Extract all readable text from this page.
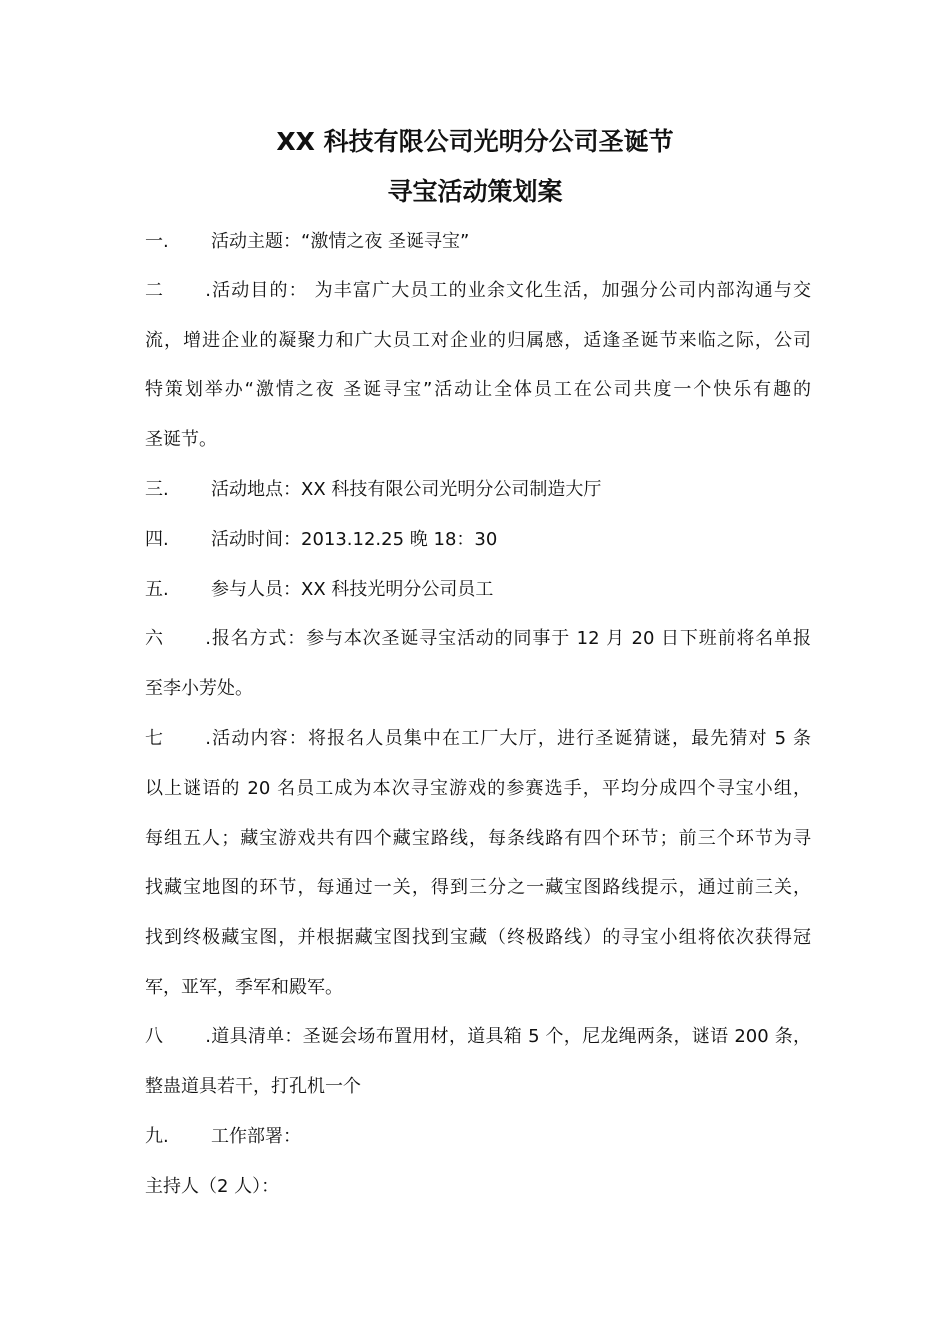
XX 科技有限公司光明分公司圣诞节
寻宝活动策划案
一. 活动主题：“激情之夜 圣诞寻宝”
二.活动目的： 为丰富广大员工的业余文化生活，加强分公司内部沟通与交
流，增进企业的凝聚力和广大员工对企业的归属感，适逢圣诞节来临之际，公司
特策划举办“激情之夜 圣诞寻宝”活动让全体员工在公司共度一个快乐有趣的
圣诞节。
三. 活动地点：XX 科技有限公司光明分公司制造大厅
四. 活动时间：2013.12.25 晚 18：30
五. 参与人员：XX 科技光明分公司员工
六.报名方式：参与本次圣诞寻宝活动的同事于 12 月 20 日下班前将名单报
至李小芳处。
七.活动内容：将报名人员集中在工厂大厅，进行圣诞猜谜，最先猜对 5 条
以上谜语的 20 名员工成为本次寻宝游戏的参赛选手，平均分成四个寻宝小组，
每组五人；藏宝游戏共有四个藏宝路线，每条线路有四个环节；前三个环节为寻
找藏宝地图的环节，每通过一关，得到三分之一藏宝图路线提示，通过前三关，
找到终极藏宝图，并根据藏宝图找到宝藏（终极路线）的寻宝小组将依次获得冠
军，亚军，季军和殿军。
八.道具清单：圣诞会场布置用材，道具箱 5 个，尼龙绳两条，谜语 200 条，
整蛊道具若干，打孔机一个
九. 工作部署：
主持人（2 人）：
